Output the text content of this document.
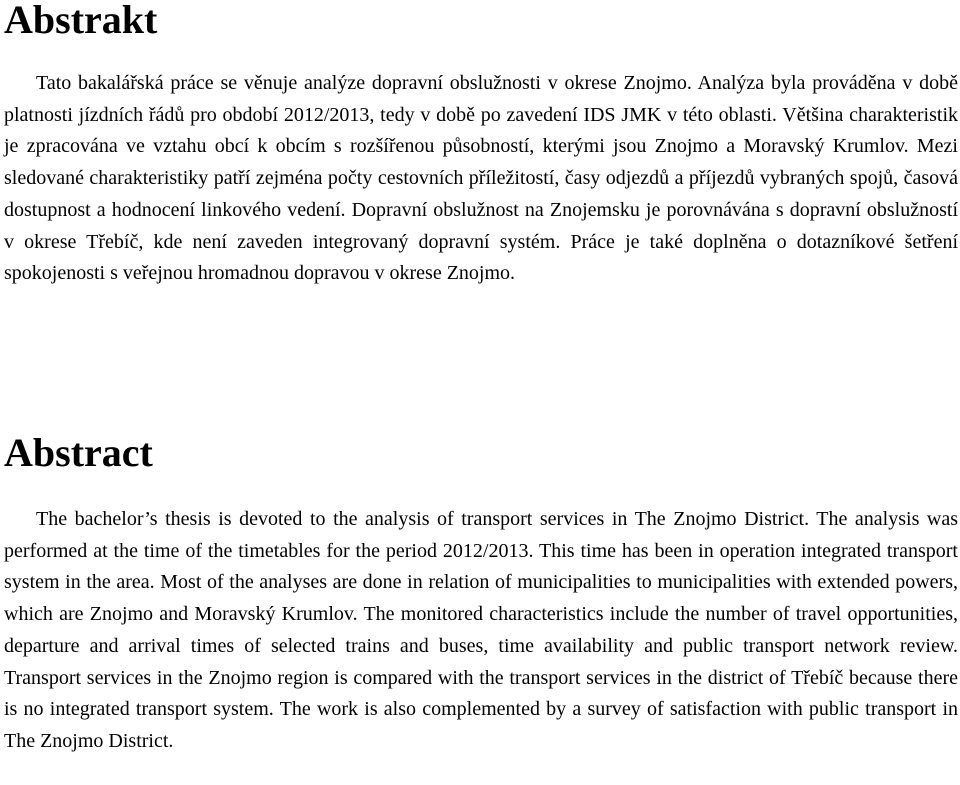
Abstrakt

Tato bakalářská práce se věnuje analýze dopravní obslužnosti v okrese Znojmo. Analýza byla prováděna v době platnosti jízdních řádů pro období 2012/2013, tedy v době po zavedení IDS JMK v této oblasti. Většina charakteristik je zpracována ve vztahu obcí k obcím s rozšířenou působností, kterými jsou Znojmo a Moravský Krumlov. Mezi sledované charakteristiky patří zejména počty cestovních příležitostí, časy odjezdů a příjezdů vybraných spojů, časová dostupnost a hodnocení linkového vedení. Dopravní obslužnost na Znojemsku je porovnávána s dopravní obslužností v okrese Třebíč, kde není zaveden integrovaný dopravní systém. Práce je také doplněna o dotazníkové šetření spokojenosti s veřejnou hromadnou dopravou v okrese Znojmo.

Abstract

The bachelor’s thesis is devoted to the analysis of transport services in The Znojmo District. The analysis was performed at the time of the timetables for the period 2012/2013. This time has been in operation integrated transport system in the area. Most of the analyses are done in relation of municipalities to municipalities with extended powers, which are Znojmo and Moravský Krumlov. The monitored characteristics include the number of travel opportunities, departure and arrival times of selected trains and buses, time availability and public transport network review. Transport services in the Znojmo region is compared with the transport services in the district of Třebíč because there is no integrated transport system. The work is also complemented by a survey of satisfaction with public transport in The Znojmo District.
